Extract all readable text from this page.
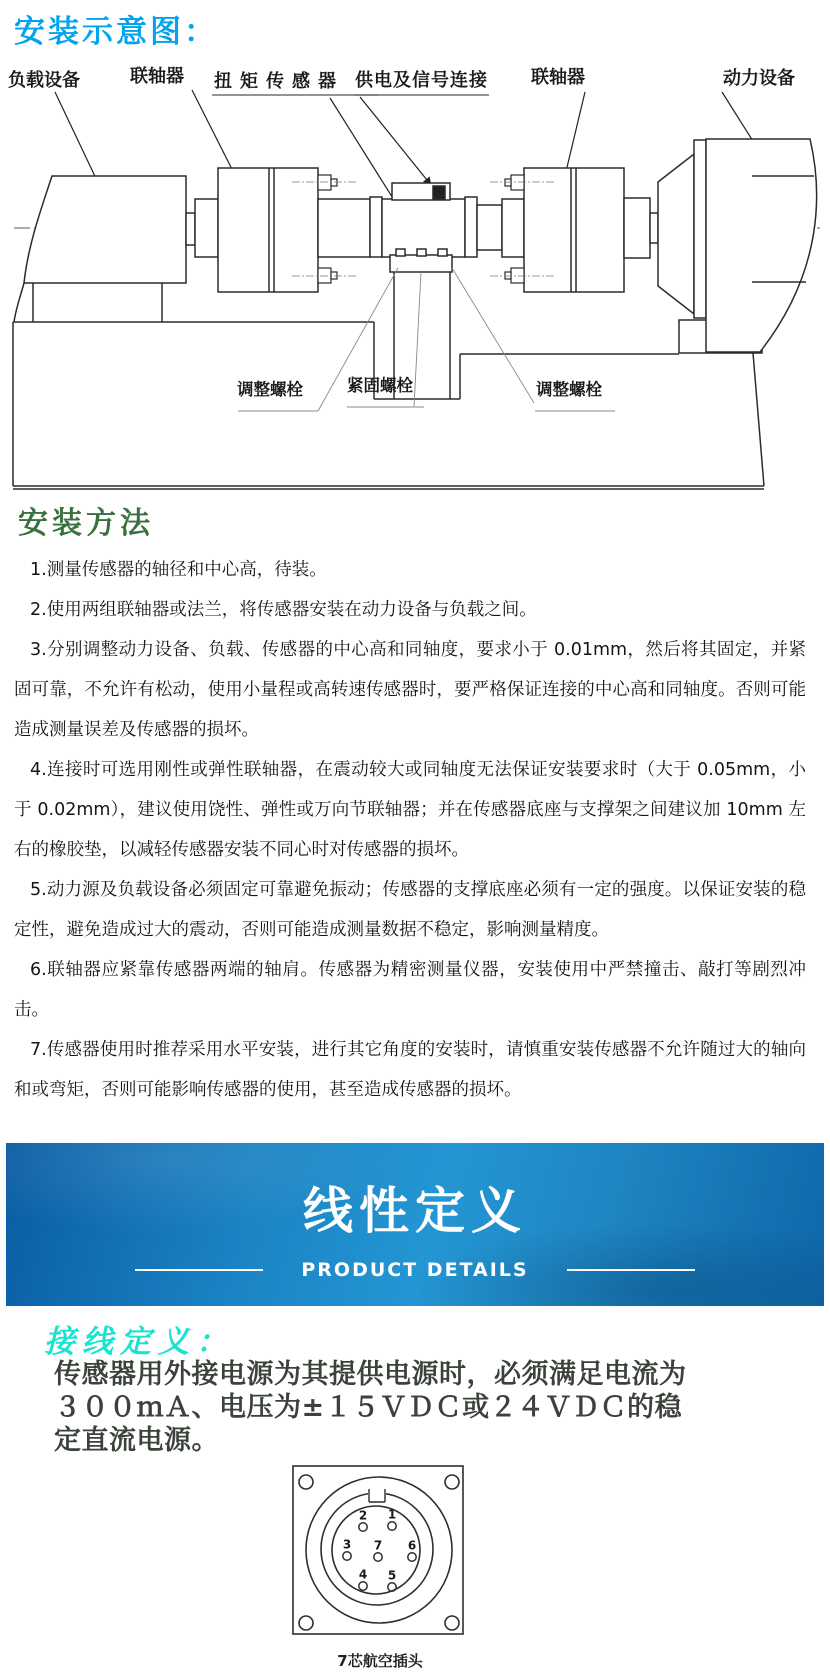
安装示意图：
负载设备	联轴器 扭矩传感器 供电及信号连接 联轴器	动力设备
调整螺栓	紧固螺栓	调整螺栓
安装方法

1.测量传感器的轴径和中心高，待装。

2.使用两组联轴器或法兰，将传感器安装在动力设备与负载之间。

3.分别调整动力设备、负载、传感器的中心高和同轴度，要求小于 0.01mm，然后将其固定，并紧固可靠，不允许有松动，使用小量程或高转速传感器时，要严格保证连接的中心高和同轴度。否则可能造成测量误差及传感器的损坏。

4.连接时可选用刚性或弹性联轴器，在震动较大或同轴度无法保证安装要求时（大于 0.05mm，小于 0.02mm），建议使用饶性、弹性或万向节联轴器；并在传感器底座与支撑架之间建议加 10mm 左右的橡胶垫，以减轻传感器安装不同心时对传感器的损坏。

5.动力源及负载设备必须固定可靠避免振动；传感器的支撑底座必须有一定的强度。以保证安装的稳定性，避免造成过大的震动，否则可能造成测量数据不稳定，影响测量精度。

6.联轴器应紧靠传感器两端的轴肩。传感器为精密测量仪器，安装使用中严禁撞击、敲打等剧烈冲击。

7.传感器使用时推荐采用水平安装，进行其它角度的安装时，请慎重安装传感器不允许随过大的轴向和或弯矩，否则可能影响传感器的使用，甚至造成传感器的损坏。

线性定义
PRODUCT DETAILS
接线定义：
传感器用外接电源为其提供电源时，必须满足电流为
３００ｍＡ、电压为±１５ＶＤＣ或２４ＶＤＣ的稳
定直流电源。
2 1
3 7 6
4 5
7芯航空插头
